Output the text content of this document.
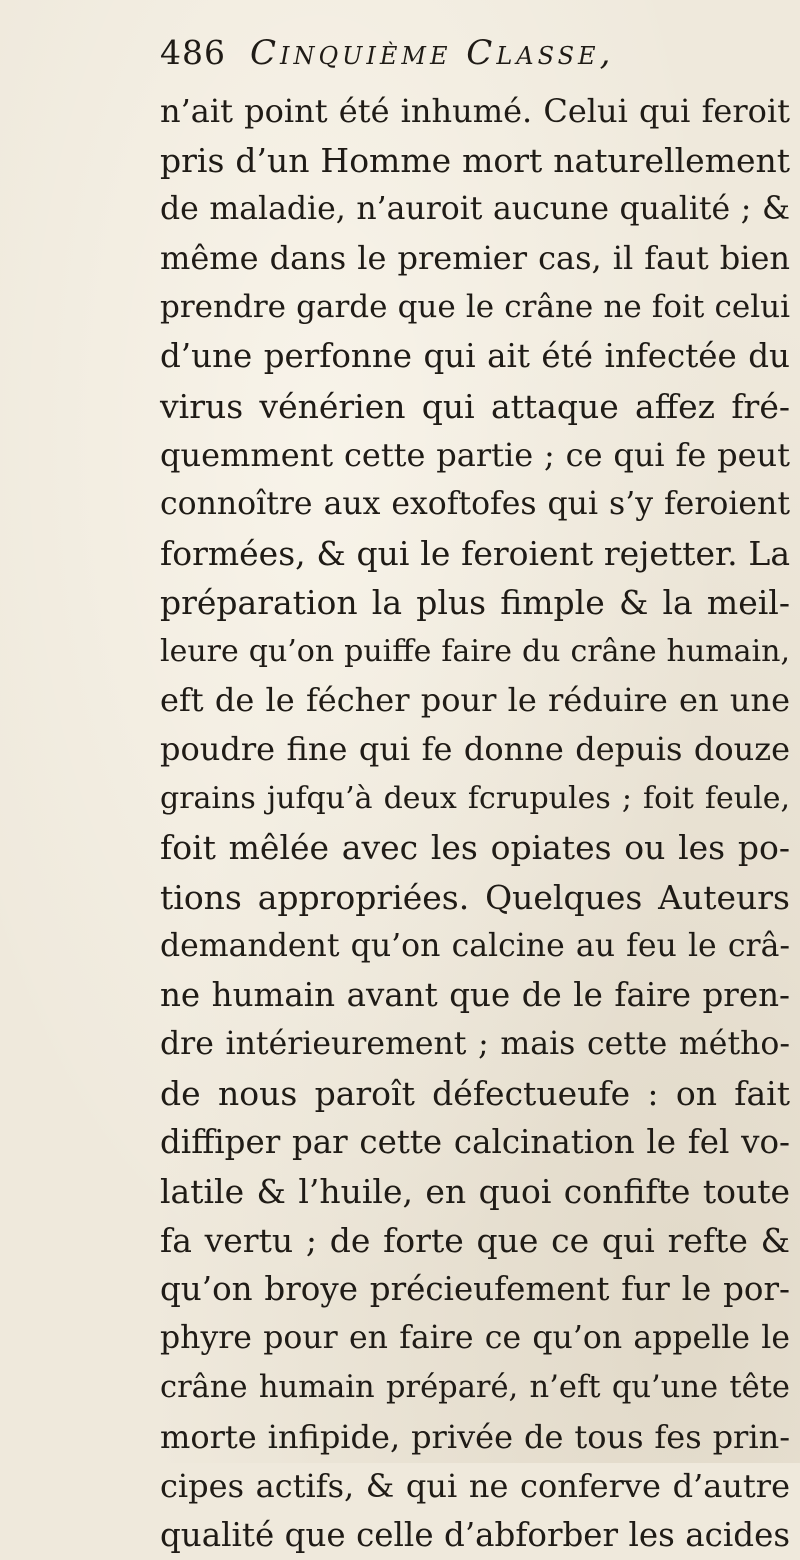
486 Cinquième Classe,
n’ait point été inhumé. Celui qui feroit
pris d’un Homme mort naturellement
de maladie, n’auroit aucune qualité ; &
même dans le premier cas, il faut bien
prendre garde que le crâne ne foit celui
d’une perfonne qui ait été infectée du
virus vénérien qui attaque affez fré-
quemment cette partie ; ce qui fe peut
connoître aux exoftofes qui s’y feroient
formées, & qui le feroient rejetter. La
préparation la plus fimple & la meil-
leure qu’on puiffe faire du crâne humain,
eft de le fécher pour le réduire en une
poudre fine qui fe donne depuis douze
grains jufqu’à deux fcrupules ; foit feule,
foit mêlée avec les opiates ou les po-
tions appropriées. Quelques Auteurs
demandent qu’on calcine au feu le crâ-
ne humain avant que de le faire pren-
dre intérieurement ; mais cette métho-
de nous paroît défectueufe : on fait
diffiper par cette calcination le fel vo-
latile & l’huile, en quoi confifte toute
fa vertu ; de forte que ce qui refte &
qu’on broye précieufement fur le por-
phyre pour en faire ce qu’on appelle le
crâne humain préparé, n’eft qu’une tête
morte infipide, privée de tous fes prin-
cipes actifs, & qui ne conferve d’autre
qualité que celle d’abforber les acides
